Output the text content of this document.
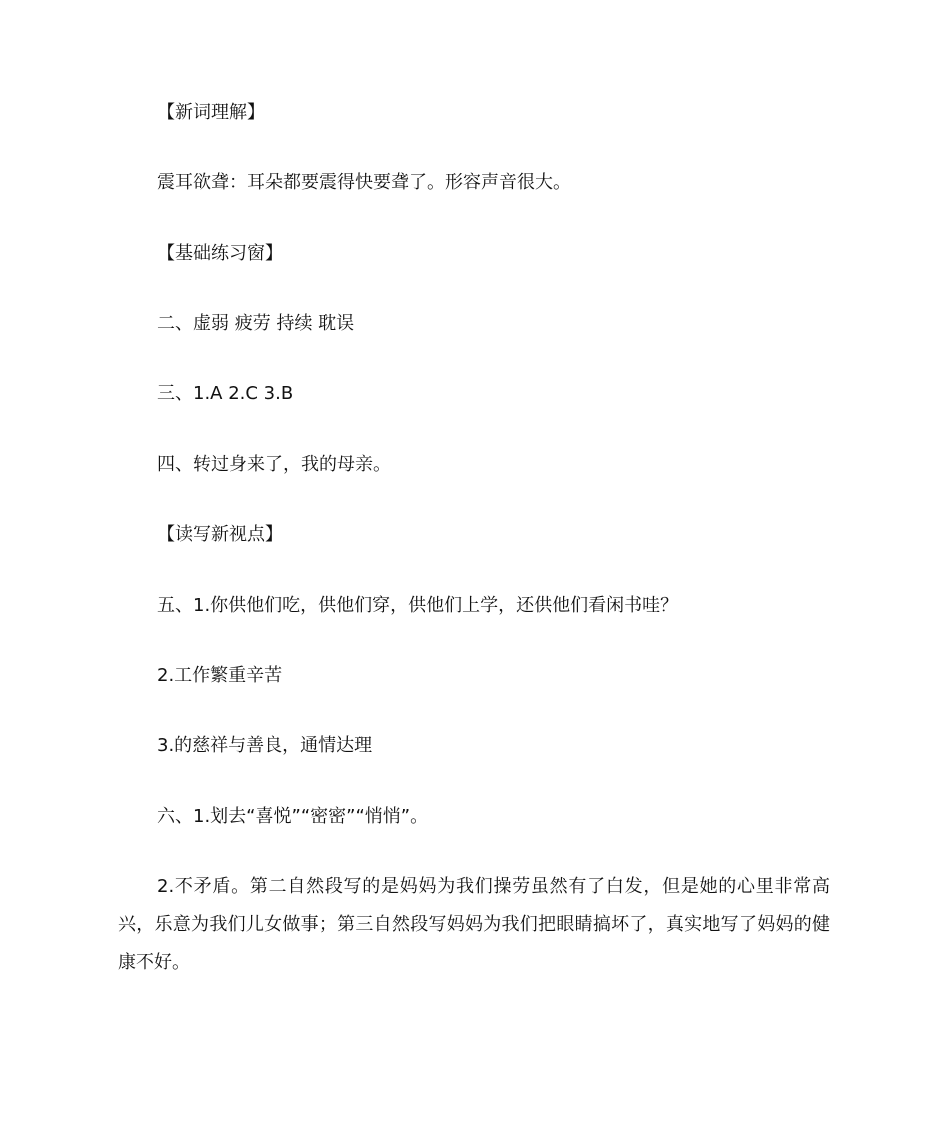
【新词理解】
震耳欲聋：耳朵都要震得快要聋了。形容声音很大。
【基础练习窗】
二、虚弱 疲劳 持续 耽误
三、1.A 2.C 3.B
四、转过身来了，我的母亲。
【读写新视点】
五、1.你供他们吃，供他们穿，供他们上学，还供他们看闲书哇？
2.工作繁重辛苦
3.的慈祥与善良，通情达理
六、1.划去“喜悦”“密密”“悄悄”。
2.不矛盾。第二自然段写的是妈妈为我们操劳虽然有了白发，但是她的心里非常高兴，乐意为我们儿女做事；第三自然段写妈妈为我们把眼睛搞坏了，真实地写了妈妈的健康不好。
